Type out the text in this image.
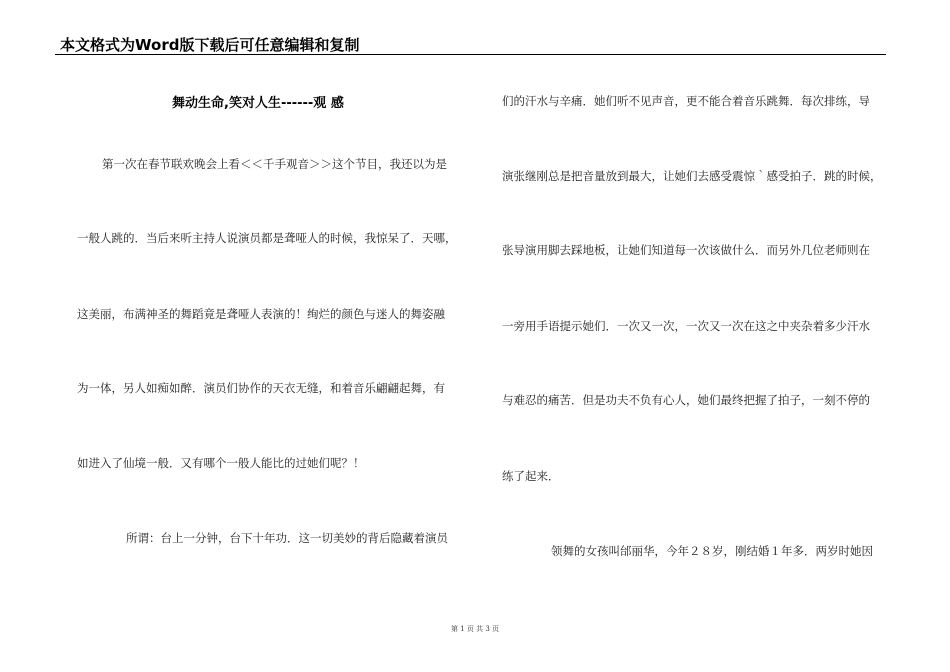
本文格式为Word版下载后可任意编辑和复制
舞动生命,笑对人生------观 感
第一次在春节联欢晚会上看＜＜千手观音＞＞这个节目，我还以为是
一般人跳的．当后来听主持人说演员都是聋哑人的时候，我惊呆了．天哪，
这美丽，布满神圣的舞蹈竟是聋哑人表演的！绚烂的颜色与迷人的舞姿融
为一体，另人如痴如醉．演员们协作的天衣无缝，和着音乐翩翩起舞，有
如进入了仙境一般．又有哪个一般人能比的过她们呢？！
所谓：台上一分钟，台下十年功．这一切美妙的背后隐藏着演员
们的汗水与辛痛．她们听不见声音，更不能合着音乐跳舞．每次排练，导
演张继刚总是把音量放到最大，让她们去感受震惊｀感受拍子．跳的时候，
张导演用脚去踩地板，让她们知道每一次该做什么．而另外几位老师则在
一旁用手语提示她们．一次又一次，一次又一次在这之中夹杂着多少汗水
与难忍的痛苦．但是功夫不负有心人，她们最终把握了拍子，一刻不停的
练了起来．
领舞的女孩叫邰丽华，今年２８岁，刚结婚１年多．两岁时她因
第 1 页 共 3 页
